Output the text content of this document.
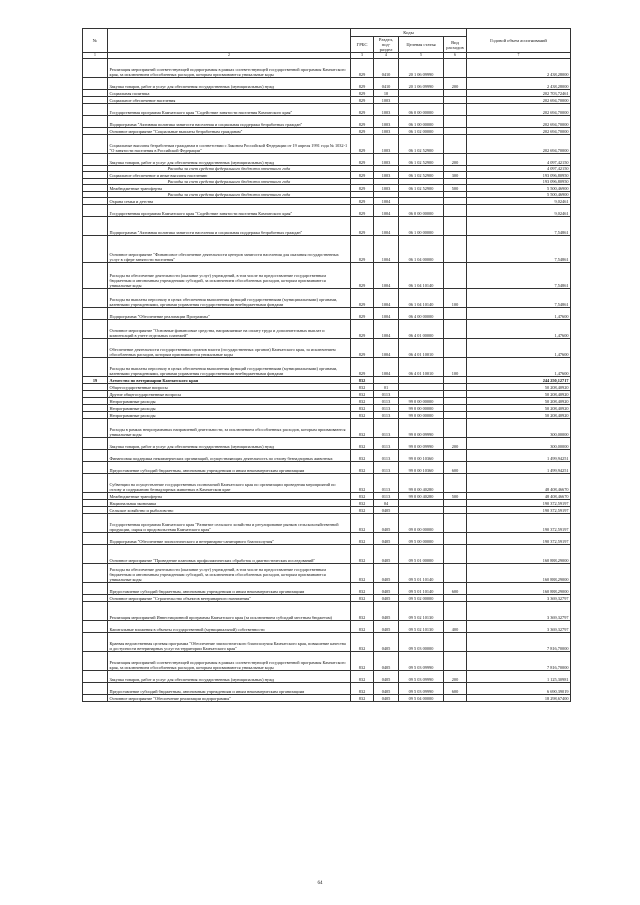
№		Коды				Годовой объем ассигнований
		ГРБС	Раздел, под-раздел	Целевая статья	Вид расходов	
1	2	3	4	5	6	7
	Реализация мероприятий соответствующей подпрограммы в рамках соответствующей государственной программы Камчатского края, за исключением обособленных расходов, которым присваиваются уникальные коды	829	0410	20 1 06 09990		2 438,28000
	Закупка товаров, работ и услуг для обеспечения государственных (муниципальных) нужд	829	0410	20 1 06 09990	200	2 438,28000
	Социальная политика	829	10			202 703,72461
	Социальное обеспечение населения	829	1003			202 694,70000
	Государственная программа Камчатского края "Содействие занятости населения Камчатского края"	829	1003	06 0 00 00000		202 694,70000
	Подпрограмма "Активная политика занятости населения и социальная поддержка безработных граждан"	829	1003	06 1 00 00000		202 694,70000
	Основное мероприятие "Социальные выплаты безработным гражданам"	829	1003	06 1 02 00000		202 694,70000
	Социальные выплаты безработным гражданам в соответствии с Законом Российской Федерации от 19 апреля 1991 года № 1032-1 "О занятости населения в Российской Федерации"	829	1003	06 1 02 52900		202 694,70000
	Закупка товаров, работ и услуг для обеспечения государственных (муниципальных) нужд	829	1003	06 1 02 52900	200	4 097,42150
	Расходы за счет средств федерального бюджета отчетного года					4 097,42150
	Социальное обеспечение и иные выплаты населению	829	1003	06 1 02 52900	300	193 096,80950
	Расходы за счет средств федерального бюджета отчетного года					193 096,80950
	Межбюджетные трансферты	829	1003	06 1 02 52900	500	5 500,46900
	Расходы за счет средств федерального бюджета отчетного года					5 500,46900
	Охрана семьи и детства	829	1004			9,02461
	Государственная программа Камчатского края "Содействие занятости населения Камчатского края"	829	1004	06 0 00 00000		9,02461
	Подпрограмма "Активная политика занятости населения и социальная поддержка безработных граждан"	829	1004	06 1 00 00000		7,54861
	Основное мероприятие "Финансовое обеспечение деятельности центров занятости населения для оказания государственных услуг в сфере занятости населения"	829	1004	06 1 04 00000		7,54861
	Расходы на обеспечение деятельности (оказание услуг) учреждений, в том числе на предоставление государственным бюджетным и автономным учреждениям субсидий, за исключением обособленных расходов, которым присваиваются уникальные коды	829	1004	06 1 04 10140		7,54861
	Расходы на выплаты персоналу в целях обеспечения выполнения функций государственными (муниципальными) органами, казенными учреждениями, органами управления государственными внебюджетными фондами	829	1004	06 1 04 10140	100	7,54861
	Подпрограмма "Обеспечение реализации Программы"	829	1004	06 4 00 00000		1,47600
	Основное мероприятие "Основные финансовые средства, направляемые на оплату труда и дополнительных выплат и компенсаций в учете отдельных платежей"	829	1004	06 4 01 00000		1,47600
	Обеспечение деятельности государственных органов власти (государственных органов) Камчатского края, за исключением обособленных расходов, которым присваиваются уникальные коды	829	1004	06 4 01 10010		1,47600
	Расходы на выплаты персоналу в целях обеспечения выполнения функций государственными (муниципальными) органами, казенными учреждениями, органами управления государственными внебюджетными фондами	829	1004	06 4 01 10010	100	1,47600
19	Агентство по ветеринарии Камчатского края	832				244 250,12717
	Общегосударственные вопросы	832	01			50 208,40920
	Другие общегосударственные вопросы	832	0113			50 208,40920
	Непрограммные расходы	832	0113	99 0 00 00000		50 208,40920
	Непрограммные расходы	832	0113	99 0 00 00000		50 208,40920
	Непрограммные расходы	832	0113	99 0 00 00000		50 208,40920
	Расходы в рамках непрограммных направлений деятельности, за исключением обособленных расходов, которым присваиваются уникальные коды	832	0113	99 0 00 09990		300,00000
	Закупка товаров, работ и услуг для обеспечения государственных (муниципальных) нужд	832	0113	99 0 00 09990	200	300,00000
	Финансовая поддержка некоммерческих организаций, осуществляющих деятельность по отлову безнадзорных животных	832	0113	99 0 00 10360		1 499,94251
	Предоставление субсидий бюджетным, автономным учреждениям и иным некоммерческим организациям	832	0113	99 0 00 10360	600	1 499,94251
	Субвенции на осуществление государственных полномочий Камчатского края по организации проведения мероприятий по отлову и содержанию безнадзорных животных в Камчатском крае	832	0113	99 0 00 40280		48 408,46670
	Межбюджетные трансферты	832	0113	99 0 00 40280	500	48 408,46670
	Национальная экономика	832	04			190 372,59197
	Сельское хозяйство и рыболовство	832	0405			190 372,59197
	Государственная программа Камчатского края "Развитие сельского хозяйства и регулирование рынков сельскохозяйственной продукции, сырья и продовольствия Камчатского края"	832	0405	09 0 00 00000		190 372,59197
	Подпрограмма "Обеспечение эпизоотического и ветеринарно-санитарного благополучия"	832	0405	09 5 00 00000		190 372,59197
	Основное мероприятие "Проведение плановых профилактических обработок и диагностических исследований"	832	0405	09 5 01 00000		160 888,29000
	Расходы на обеспечение деятельности (оказание услуг) учреждений, в том числе на предоставление государственным бюджетным и автономным учреждениям субсидий, за исключением обособленных расходов, которым присваиваются уникальные коды	832	0405	09 5 01 10140		160 888,29000
	Предоставление субсидий бюджетным, автономным учреждениям и иным некоммерческим организациям	832	0405	09 5 01 10140	600	160 888,29000
	Основное мероприятие "Строительство объектов ветеринарного назначения"	832	0405	09 5 02 00000		3 369,32797
	Реализация мероприятий Инвестиционной программы Камчатского края (за исключением субсидий местным бюджетам)	832	0405	09 5 02 10130		3 369,32797
	Капитальные вложения в объекты государственной (муниципальной) собственности	832	0405	09 5 02 10130	400	3 369,32797
	Краевая ведомственная целевая программа "Обеспечение эпизоотического благополучия Камчатского края, повышение качества и доступности ветеринарных услуг на территории Камчатского края"	832	0405	09 5 03 00000		7 816,70000
	Реализация мероприятий соответствующей подпрограммы в рамках соответствующей государственной программы Камчатского края, за исключением обособленных расходов, которым присваиваются уникальные коды	832	0405	09 5 03 09990		7 816,70000
	Закупка товаров, работ и услуг для обеспечения государственных (муниципальных) нужд	832	0405	09 5 03 09990	200	1 125,30981
	Предоставление субсидий бюджетным, автономным учреждениям и иным некоммерческим организациям	832	0405	09 5 03 09990	600	6 690,39019
	Основное мероприятие "Обеспечение реализации подпрограммы"	832	0405	09 5 04 00000		18 298,67400
64
